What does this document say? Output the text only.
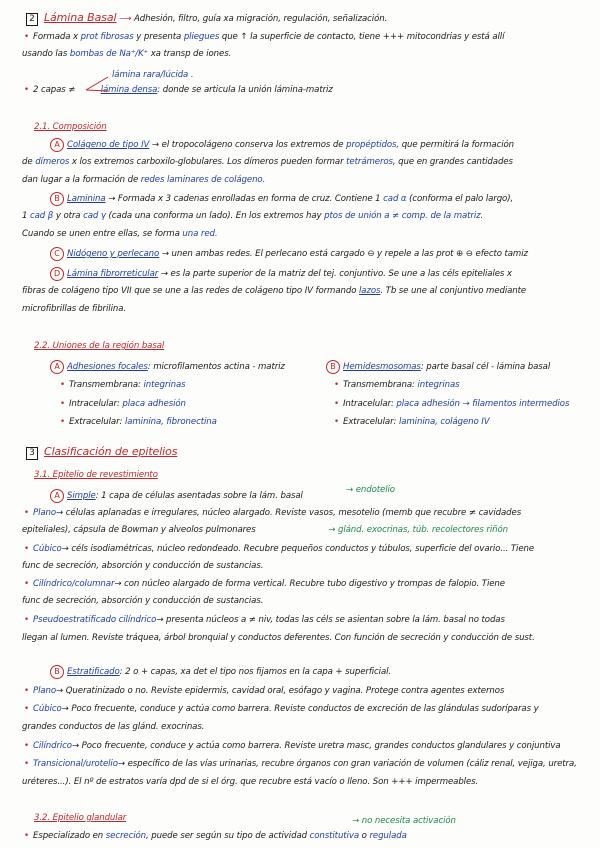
2 Lámina Basal ⟶ Adhesión, filtro, guía xa migración, regulación, señalización.
• Formada x prot fibrosas y presenta pliegues que ↑ la superficie de contacto, tiene +++ mitocondrias y está allí
usando las bombas de Na⁺/K⁺ xa transp de iones.
lámina rara/lúcida .
• 2 capas ≠	lámina densa: donde se articula la unión lámina-matriz
2.1. Composición
A Colágeno de tipo IV → el tropocolágeno conserva los extremos de propéptidos, que permitirá la formación
de dímeros x los extremos carboxilo-globulares. Los dímeros pueden formar tetrámeros, que en grandes cantidades
dan lugar a la formación de redes laminares de colágeno.
B Laminina → Formada x 3 cadenas enrolladas en forma de cruz. Contiene 1 cad α (conforma el palo largo),
1 cad β y otra cad γ (cada una conforma un lado). En los extremos hay ptos de unión a ≠ comp. de la matriz.
Cuando se unen entre ellas, se forma una red.
C Nidógeno y perlecano → unen ambas redes. El perlecano está cargado ⊖ y repele a las prot ⊕ ⊖ efecto tamiz
D Lámina fibrorreticular → es la parte superior de la matriz del tej. conjuntivo. Se une a las céls epiteliales x
fibras de colágeno tipo VII que se une a las redes de colágeno tipo IV formando lazos. Tb se une al conjuntivo mediante
microfibrillas de fibrilina.
2.2. Uniones de la región basal
A Adhesiones focales: microfilamentos actina - matriz
• Transmembrana: integrinas
• Intracelular: placa adhesión
• Extracelular: laminina, fibronectina
B Hemidesmosomas: parte basal cél - lámina basal
• Transmembrana: integrinas
• Intracelular: placa adhesión → filamentos intermedios
• Extracelular: laminina, colágeno IV
3 Clasificación de epitelios
3.1. Epitelio de revestimiento
→ endotelio
A Simple: 1 capa de células asentadas sobre la lám. basal
• Plano→ células aplanadas e irregulares, núcleo alargado. Reviste vasos, mesotelio (memb que recubre ≠ cavidades
epiteliales), cápsula de Bowman y alveolos pulmonares	→ glánd. exocrinas, túb. recolectores riñón
• Cúbico→ céls isodiamétricas, núcleo redondeado. Recubre pequeños conductos y túbulos, superficie del ovario... Tiene
func de secreción, absorción y conducción de sustancias.
• Cilíndrico/columnar→ con núcleo alargado de forma vertical. Recubre tubo digestivo y trompas de falopio. Tiene
func de secreción, absorción y conducción de sustancias.
• Pseudoestratificado cilíndrico→ presenta núcleos a ≠ niv, todas las céls se asientan sobre la lám. basal no todas
llegan al lumen. Reviste tráquea, árbol bronquial y conductos deferentes. Con función de secreción y conducción de sust.
B Estratificado: 2 o + capas, xa det el tipo nos fijamos en la capa + superficial.
• Plano→ Queratinizado o no. Reviste epidermis, cavidad oral, esófago y vagina. Protege contra agentes externos
• Cúbico→ Poco frecuente, conduce y actúa como barrera. Reviste conductos de excreción de las glándulas sudoríparas y
grandes conductos de las glánd. exocrinas.
• Cilíndrico→ Poco frecuente, conduce y actúa como barrera. Reviste uretra masc, grandes conductos glandulares y conjuntiva
• Transicional/urotelio→ específico de las vías urinarias, recubre órganos con gran variación de volumen (cáliz renal, vejiga, uretra,
uréteres...). El nº de estratos varía dpd de si el órg. que recubre está vacío o lleno. Son +++ impermeables.
3.2. Epitelio glandular	→ no necesita activación
• Especializado en secreción, puede ser según su tipo de actividad constitutiva o regulada
